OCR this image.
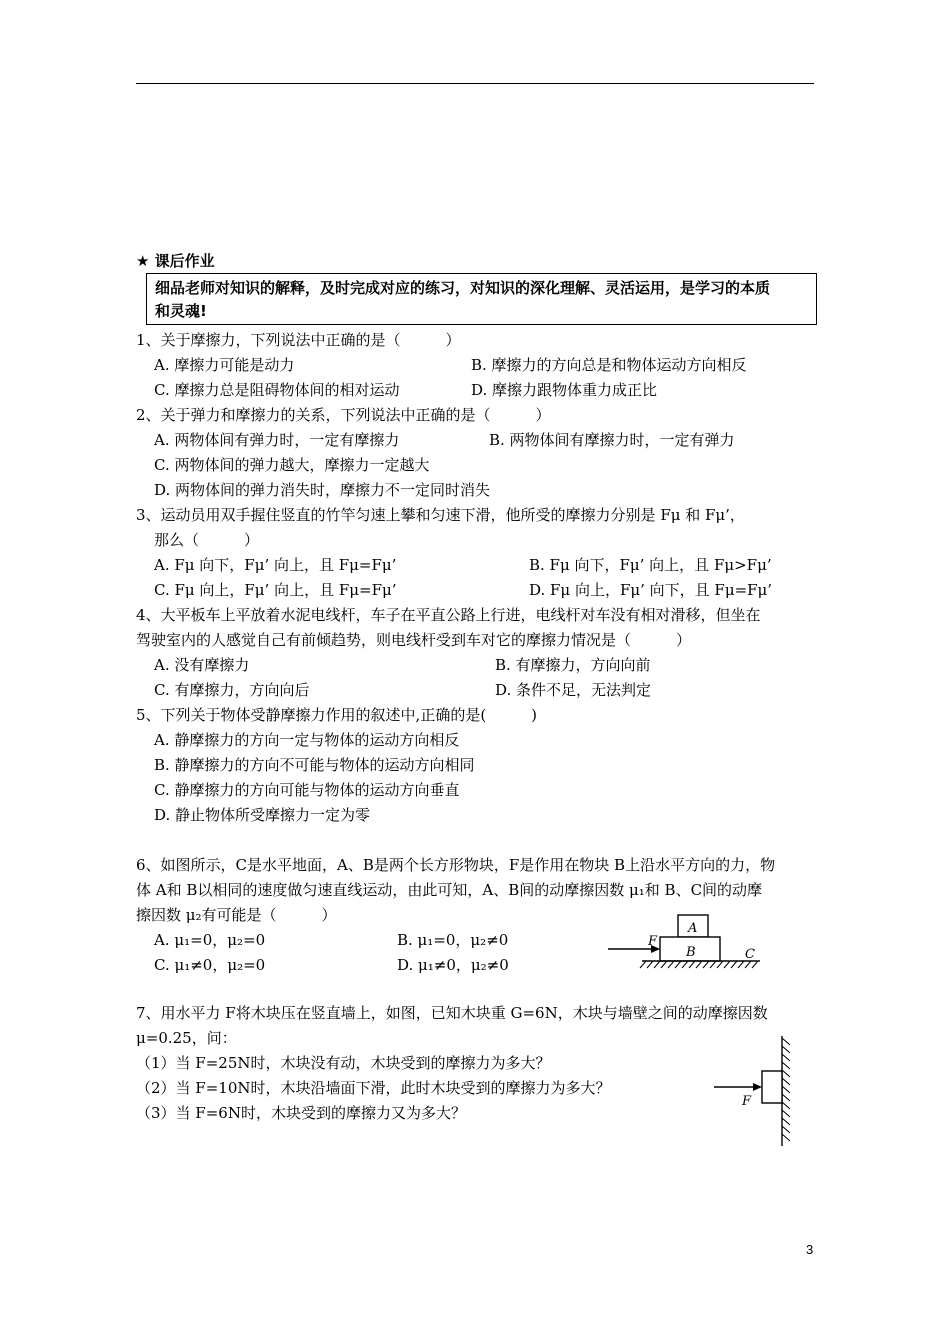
★ 课后作业
细品老师对知识的解释，及时完成对应的练习，对知识的深化理解、灵活运用，是学习的本质
和灵魂!
1、关于摩擦力，下列说法中正确的是（　　　）
A. 摩擦力可能是动力	B. 摩擦力的方向总是和物体运动方向相反
C. 摩擦力总是阻碍物体间的相对运动	D. 摩擦力跟物体重力成正比
2、关于弹力和摩擦力的关系，下列说法中正确的是（　　　）
A. 两物体间有弹力时，一定有摩擦力	B. 两物体间有摩擦力时，一定有弹力
C. 两物体间的弹力越大，摩擦力一定越大
D. 两物体间的弹力消失时，摩擦力不一定同时消失
3、运动员用双手握住竖直的竹竿匀速上攀和匀速下滑，他所受的摩擦力分别是 Fμ 和 Fμ’，
那么（　　　）
A. Fμ 向下，Fμ’ 向上，且 Fμ=Fμ’	B. Fμ 向下，Fμ’ 向上，且 Fμ>Fμ’
C. Fμ 向上，Fμ’ 向上，且 Fμ=Fμ’	D. Fμ 向上，Fμ’ 向下，且 Fμ=Fμ’
4、大平板车上平放着水泥电线杆，车子在平直公路上行进，电线杆对车没有相对滑移，但坐在
驾驶室内的人感觉自己有前倾趋势，则电线杆受到车对它的摩擦力情况是（　　　）
A. 没有摩擦力	B. 有摩擦力，方向向前
C. 有摩擦力，方向向后	D. 条件不足，无法判定
5、下列关于物体受静摩擦力作用的叙述中,正确的是(　　　)
A. 静摩擦力的方向一定与物体的运动方向相反
B. 静摩擦力的方向不可能与物体的运动方向相同
C. 静摩擦力的方向可能与物体的运动方向垂直
D. 静止物体所受摩擦力一定为零
6、如图所示，C是水平地面，A、B是两个长方形物块，F是作用在物块 B上沿水平方向的力，物
体 A和 B以相同的速度做匀速直线运动，由此可知，A、B间的动摩擦因数 μ₁和 B、C间的动摩
擦因数 μ₂有可能是（　　　）
A. μ₁=0，μ₂=0	B. μ₁=0，μ₂≠0
C. μ₁≠0，μ₂=0	D. μ₁≠0，μ₂≠0
F
A
B	C
7、用水平力 F将木块压在竖直墙上，如图，已知木块重 G=6N，木块与墙壁之间的动摩擦因数
μ=0.25，问：
（1）当 F=25N时，木块没有动，木块受到的摩擦力为多大？
（2）当 F=10N时，木块沿墙面下滑，此时木块受到的摩擦力为多大？
（3）当 F=6N时，木块受到的摩擦力又为多大？
F
3
